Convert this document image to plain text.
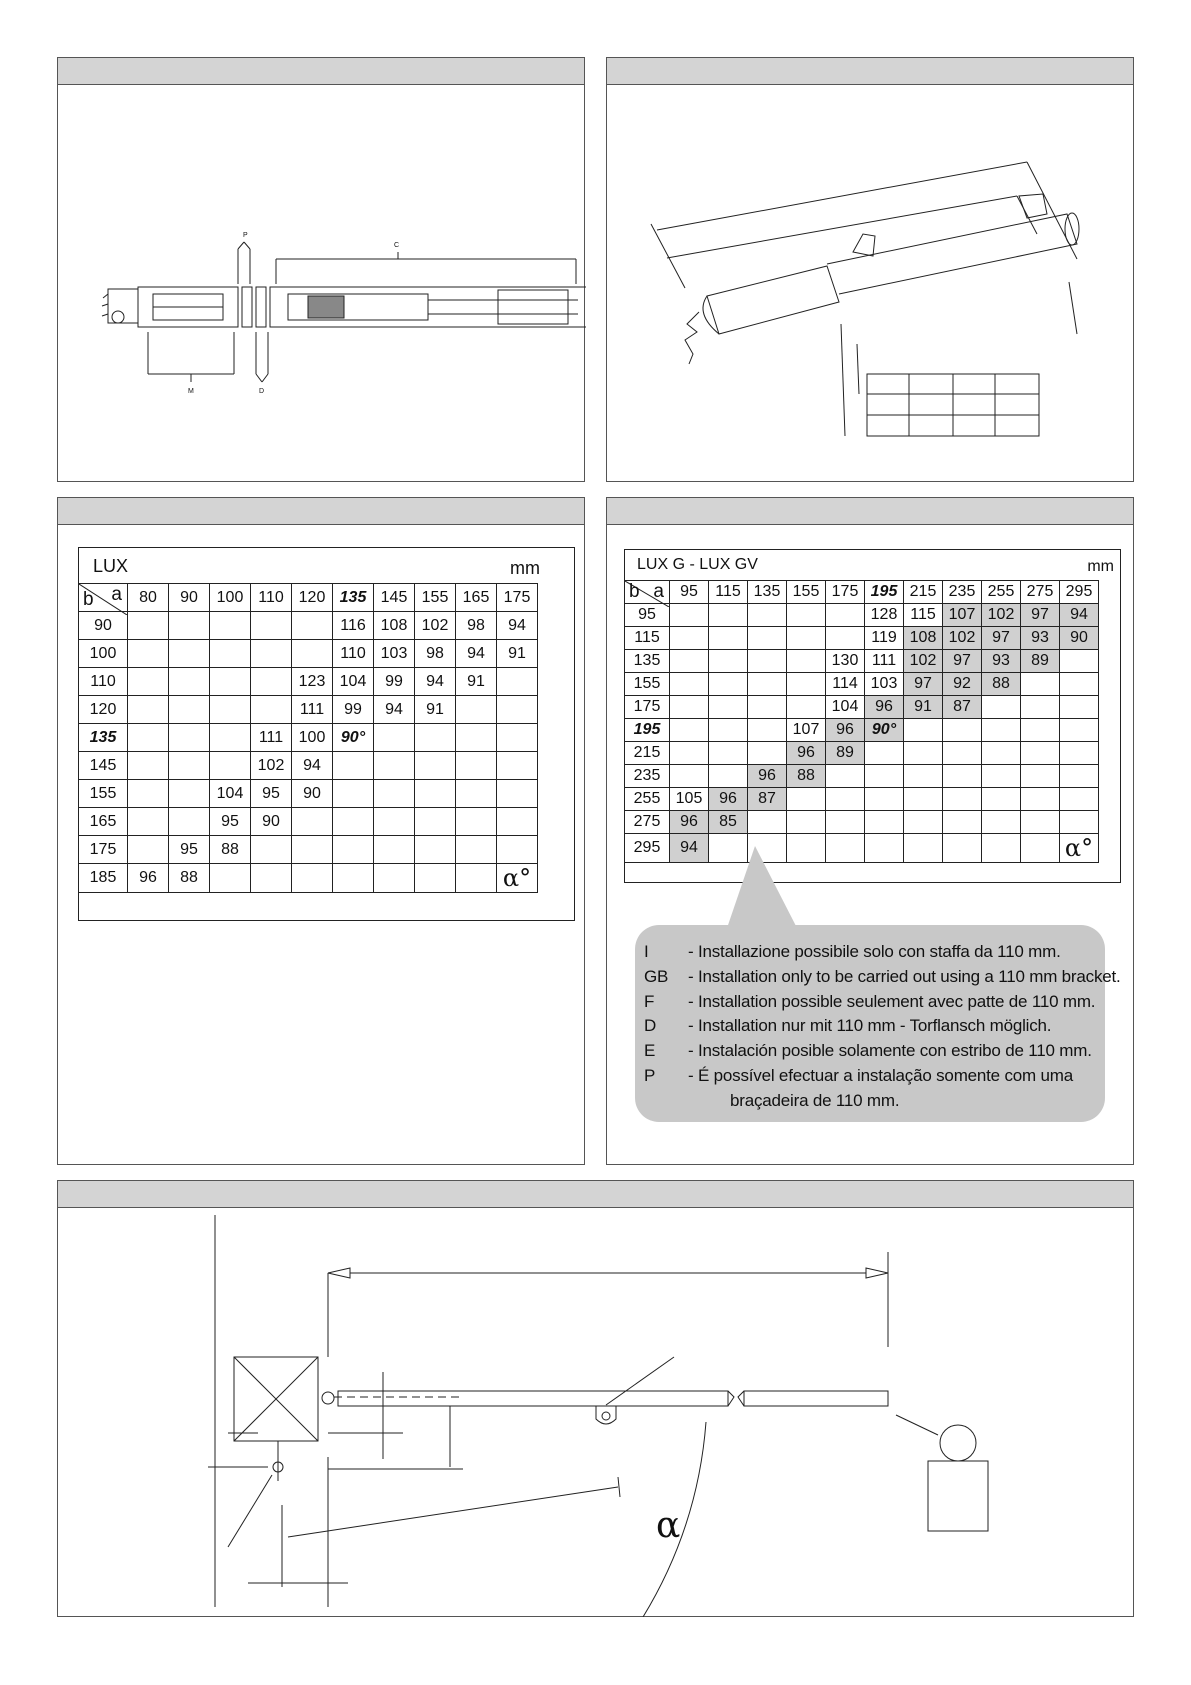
P
C
M	D
LUX	mm
a
b	80	90	100	110	120	135	145	155	165	175
90						116	108	102	98	94
100						110	103	98	94	91
110					123	104	99	94	91	
120					111	99	94	91		
135				111	100	90°				
145				102	94					
155			104	95	90					
165			95	90						
175		95	88							
185	96	88								α°
LUX G - LUX GV	mm
a
b	95	115	135	155	175	195	215	235	255	275	295
95						128	115	107	102	97	94
115						119	108	102	97	93	90
135					130	111	102	97	93	89	
155					114	103	97	92	88		
175					104	96	91	87			
195				107	96	90°					
215				96	89						
235			96	88							
255	105	96	87								
275	96	85									
295	94										α°
I - Installazione possibile solo con staffa da 110 mm.
GB - Installation only to be carried out using a 110 mm bracket.
F - Installation possible seulement avec patte de 110 mm.
D - Installation nur mit 110 mm - Torflansch möglich.
E - Instalación posible solamente con estribo de 110 mm.
P - É possível efectuar a instalação somente com uma
braçadeira de 110 mm.
α
